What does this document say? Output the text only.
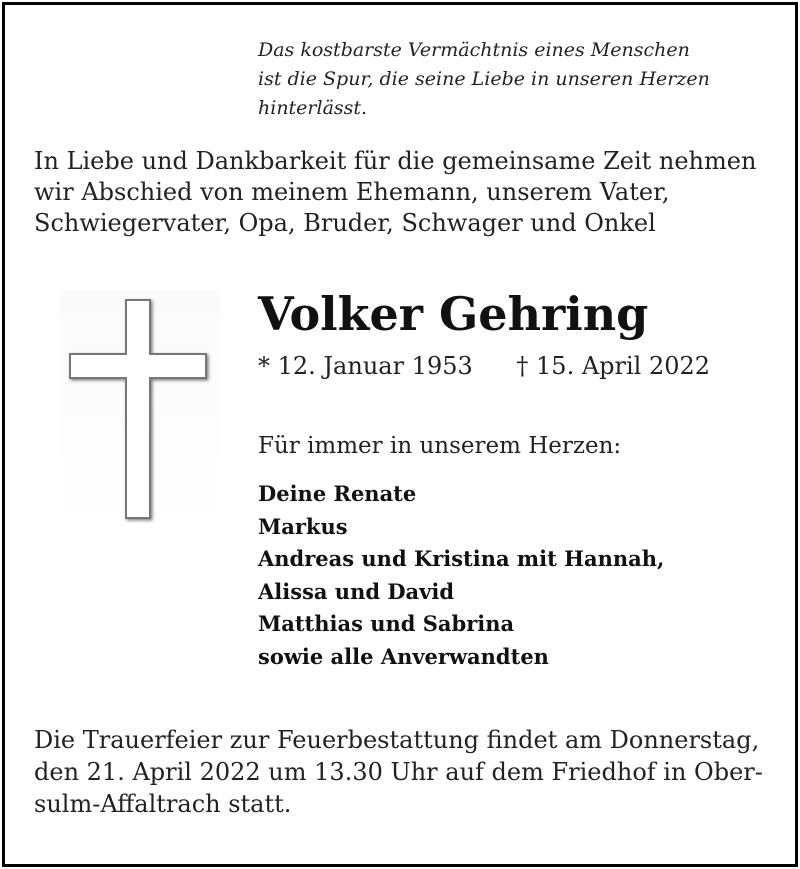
Das kostbarste Vermächtnis eines Menschen
ist die Spur, die seine Liebe in unseren Herzen
hinterlässt.
In Liebe und Dankbarkeit für die gemeinsame Zeit nehmen
wir Abschied von meinem Ehemann, unserem Vater,
Schwiegervater, Opa, Bruder, Schwager und Onkel
Volker Gehring
* 12. Januar 1953 † 15. April 2022
Für immer in unserem Herzen:
Deine Renate
Markus
Andreas und Kristina mit Hannah,
Alissa und David
Matthias und Sabrina
sowie alle Anverwandten
Die Trauerfeier zur Feuerbestattung findet am Donnerstag,
den 21. April 2022 um 13.30 Uhr auf dem Friedhof in Ober-
sulm-Affaltrach statt.
